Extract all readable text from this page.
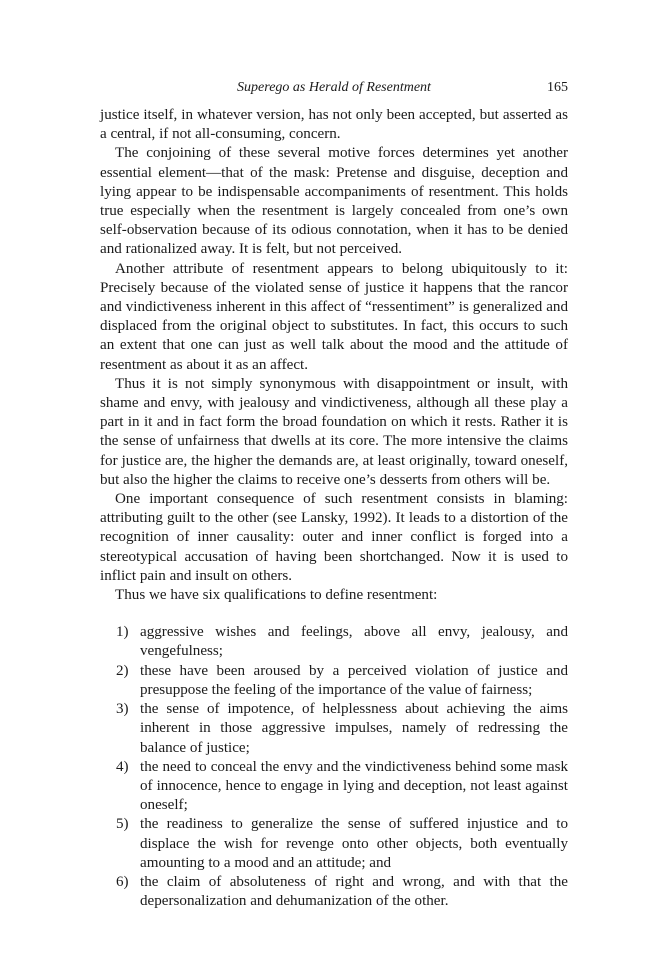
Superego as Herald of Resentment	165

justice itself, in whatever version, has not only been accepted, but asserted as a central, if not all-consuming, concern.

The conjoining of these several motive forces determines yet another essential element—that of the mask: Pretense and disguise, deception and lying appear to be indispensable accompaniments of resentment. This holds true especially when the resentment is largely concealed from one’s own self-observation because of its odious connotation, when it has to be denied and rationalized away. It is felt, but not perceived.

Another attribute of resentment appears to belong ubiquitously to it: Precisely because of the violated sense of justice it happens that the rancor and vindictiveness inherent in this affect of “ressentiment” is generalized and displaced from the original object to substitutes. In fact, this occurs to such an extent that one can just as well talk about the mood and the attitude of resentment as about it as an affect.

Thus it is not simply synonymous with disappointment or insult, with shame and envy, with jealousy and vindictiveness, although all these play a part in it and in fact form the broad foundation on which it rests. Rather it is the sense of unfairness that dwells at its core. The more intensive the claims for justice are, the higher the demands are, at least originally, toward oneself, but also the higher the claims to receive one’s desserts from others will be.

One important consequence of such resentment consists in blaming: attributing guilt to the other (see Lansky, 1992). It leads to a distortion of the recognition of inner causality: outer and inner conflict is forged into a stereotypical accusation of having been shortchanged. Now it is used to inflict pain and insult on others.

Thus we have six qualifications to define resentment:

1) aggressive wishes and feelings, above all envy, jealousy, and vengefulness;
2) these have been aroused by a perceived violation of justice and presuppose the feeling of the importance of the value of fairness;
3) the sense of impotence, of helplessness about achieving the aims inherent in those aggressive impulses, namely of redressing the balance of justice;
4) the need to conceal the envy and the vindictiveness behind some mask of innocence, hence to engage in lying and deception, not least against oneself;
5) the readiness to generalize the sense of suffered injustice and to displace the wish for revenge onto other objects, both eventually amounting to a mood and an attitude; and
6) the claim of absoluteness of right and wrong, and with that the depersonalization and dehumanization of the other.
